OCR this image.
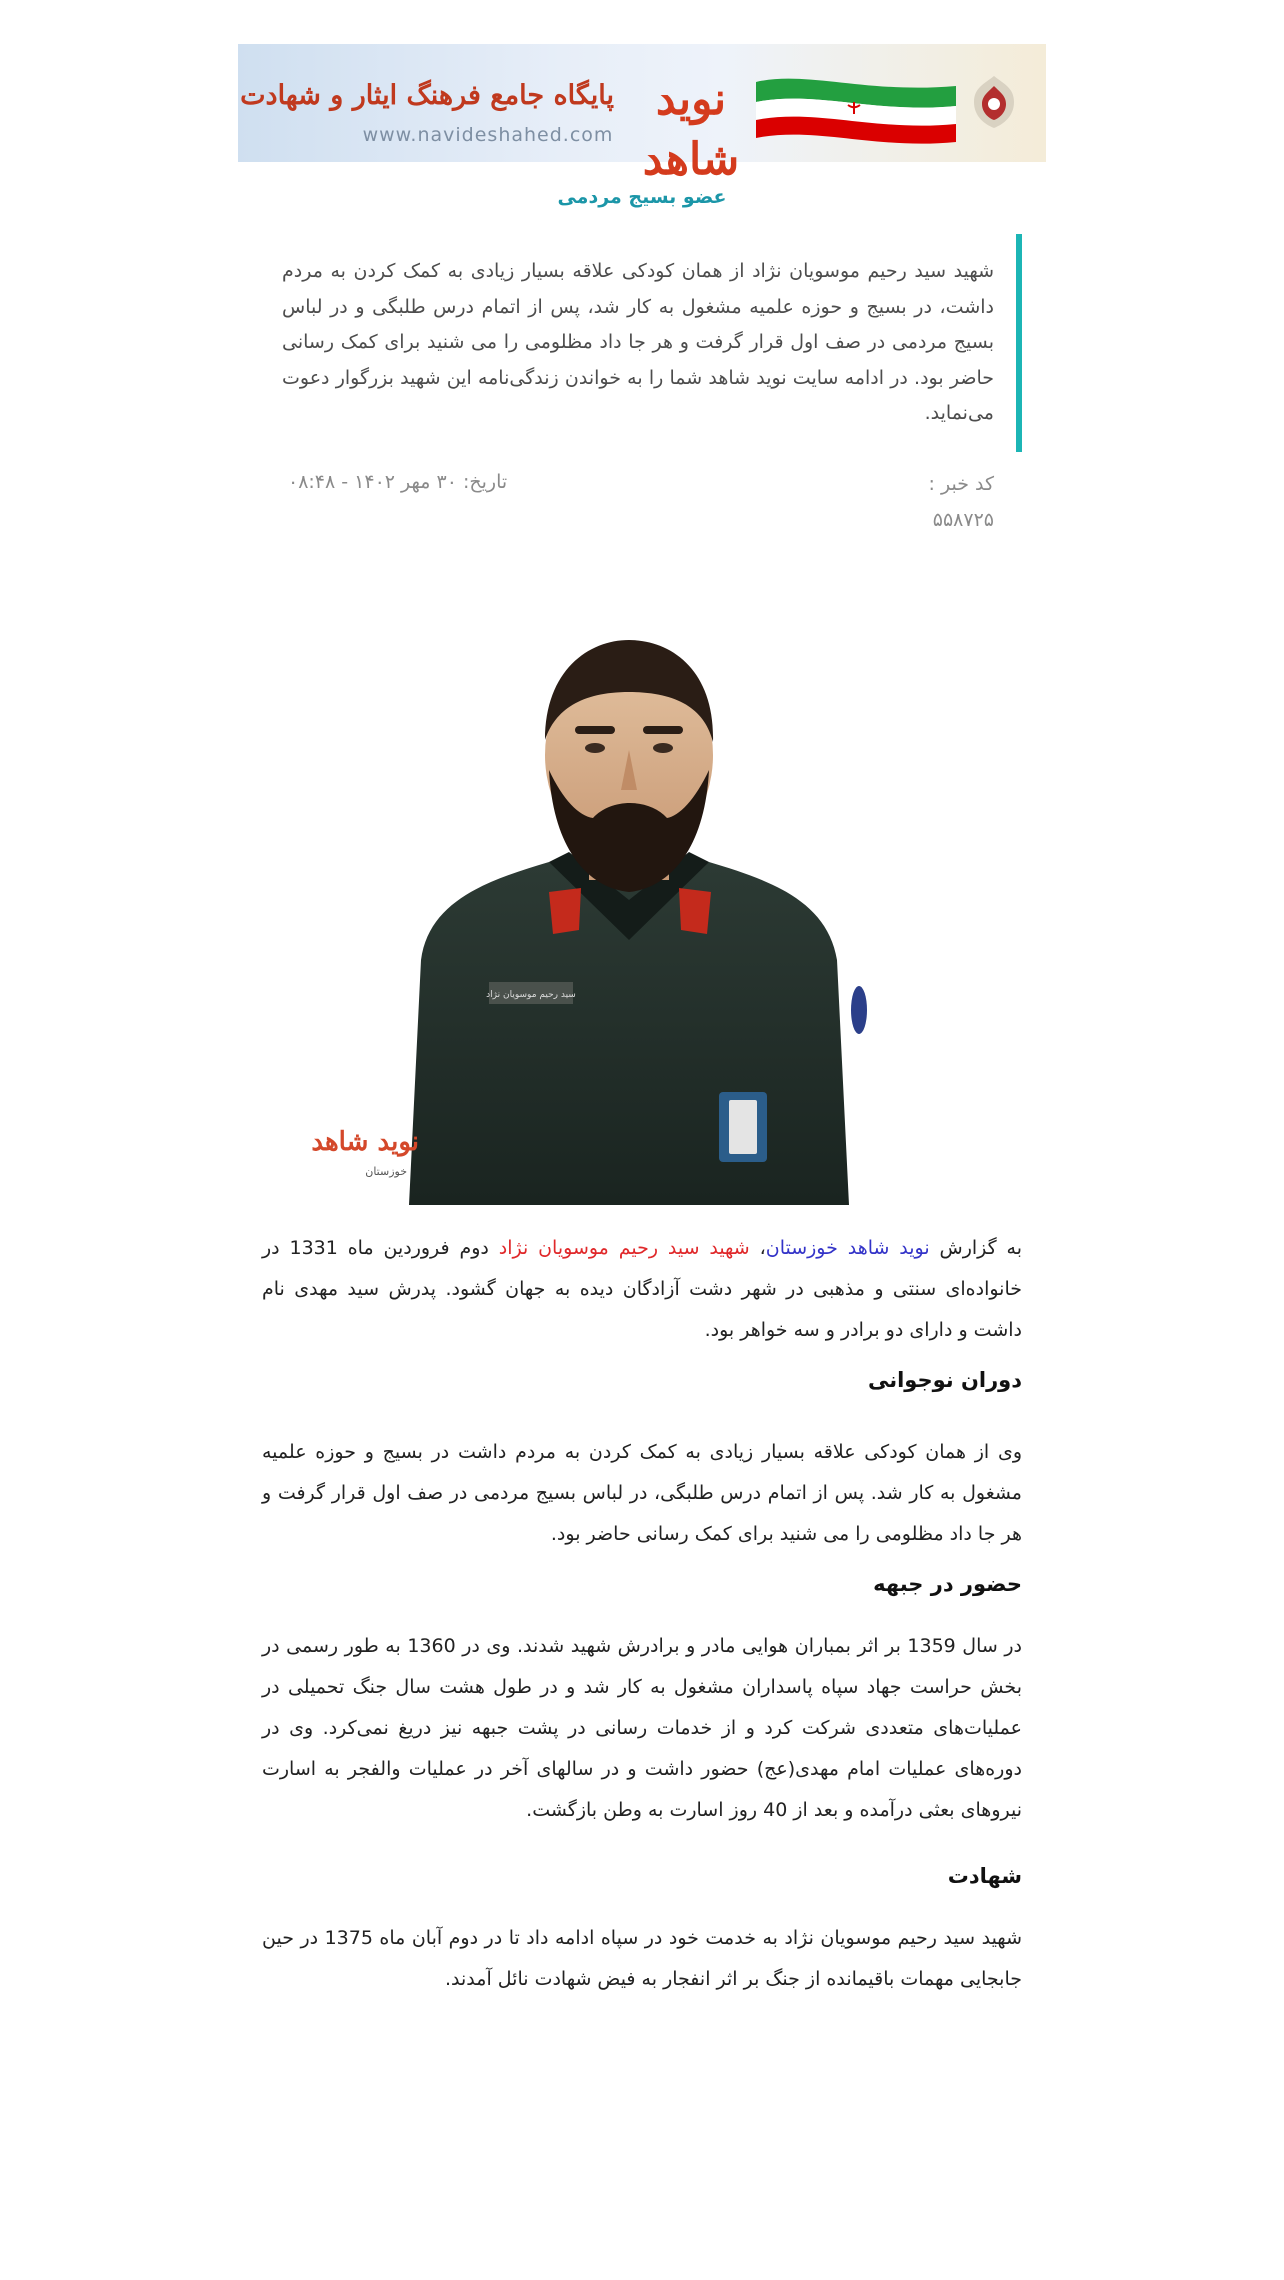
نوید شاهد
پایگاه جامع فرهنگ ایثار و شهادت
www.navideshahed.com
عضو بسیج مردمی
شهید سید رحیم موسویان نژاد از همان کودکی علاقه بسیار زیادی به کمک کردن به مردم داشت، در بسیج و حوزه علمیه مشغول به کار شد، پس از اتمام درس طلبگی و در لباس بسیج مردمی در صف اول قرار گرفت و هر جا داد مظلومی را می شنید برای کمک رسانی حاضر بود. در ادامه سایت نوید شاهد شما را به خواندن زندگی‌نامه این شهید بزرگوار دعوت می‌نماید.
کد خبر :
۵۵۸۷۲۵
تاریخ: ۳۰ مهر ۱۴۰۲ - ۰۸:۴۸
سید رحیم موسویان نژاد
نوید شاهد
خوزستان

به گزارش نوید شاهد خوزستان، شهید سید رحیم موسویان نژاد دوم فروردین ماه 1331 در خانواده‌ای سنتی و مذهبی در شهر دشت آزادگان دیده به جهان گشود. پدرش سید مهدی نام داشت و دارای دو برادر و سه خواهر بود.

دوران نوجوانی

وی از همان کودکی علاقه بسیار زیادی به کمک کردن به مردم داشت در بسیج و حوزه علمیه مشغول به کار شد. پس از اتمام درس طلبگی، در لباس بسیج مردمی در صف اول قرار گرفت و هر جا داد مظلومی را می شنید برای کمک رسانی حاضر بود.

حضور در جبهه

در سال 1359 بر اثر بمباران هوایی مادر و برادرش شهید شدند. وی در 1360 به طور رسمی در بخش حراست جهاد سپاه پاسداران مشغول به کار شد و در طول هشت سال جنگ تحمیلی در عملیات‌های متعددی شرکت کرد و از خدمات رسانی در پشت جبهه نیز دریغ نمی‌کرد. وی در دوره‌های عملیات امام مهدی(عج) حضور داشت و در سالهای آخر در عملیات والفجر به اسارت نیروهای بعثی درآمده و بعد از 40 روز اسارت به وطن بازگشت.

شهادت

شهید سید رحیم موسویان نژاد به خدمت خود در سپاه ادامه داد تا در دوم آبان ماه 1375 در حین جابجایی مهمات باقیمانده از جنگ بر اثر انفجار به فیض شهادت نائل آمدند.
